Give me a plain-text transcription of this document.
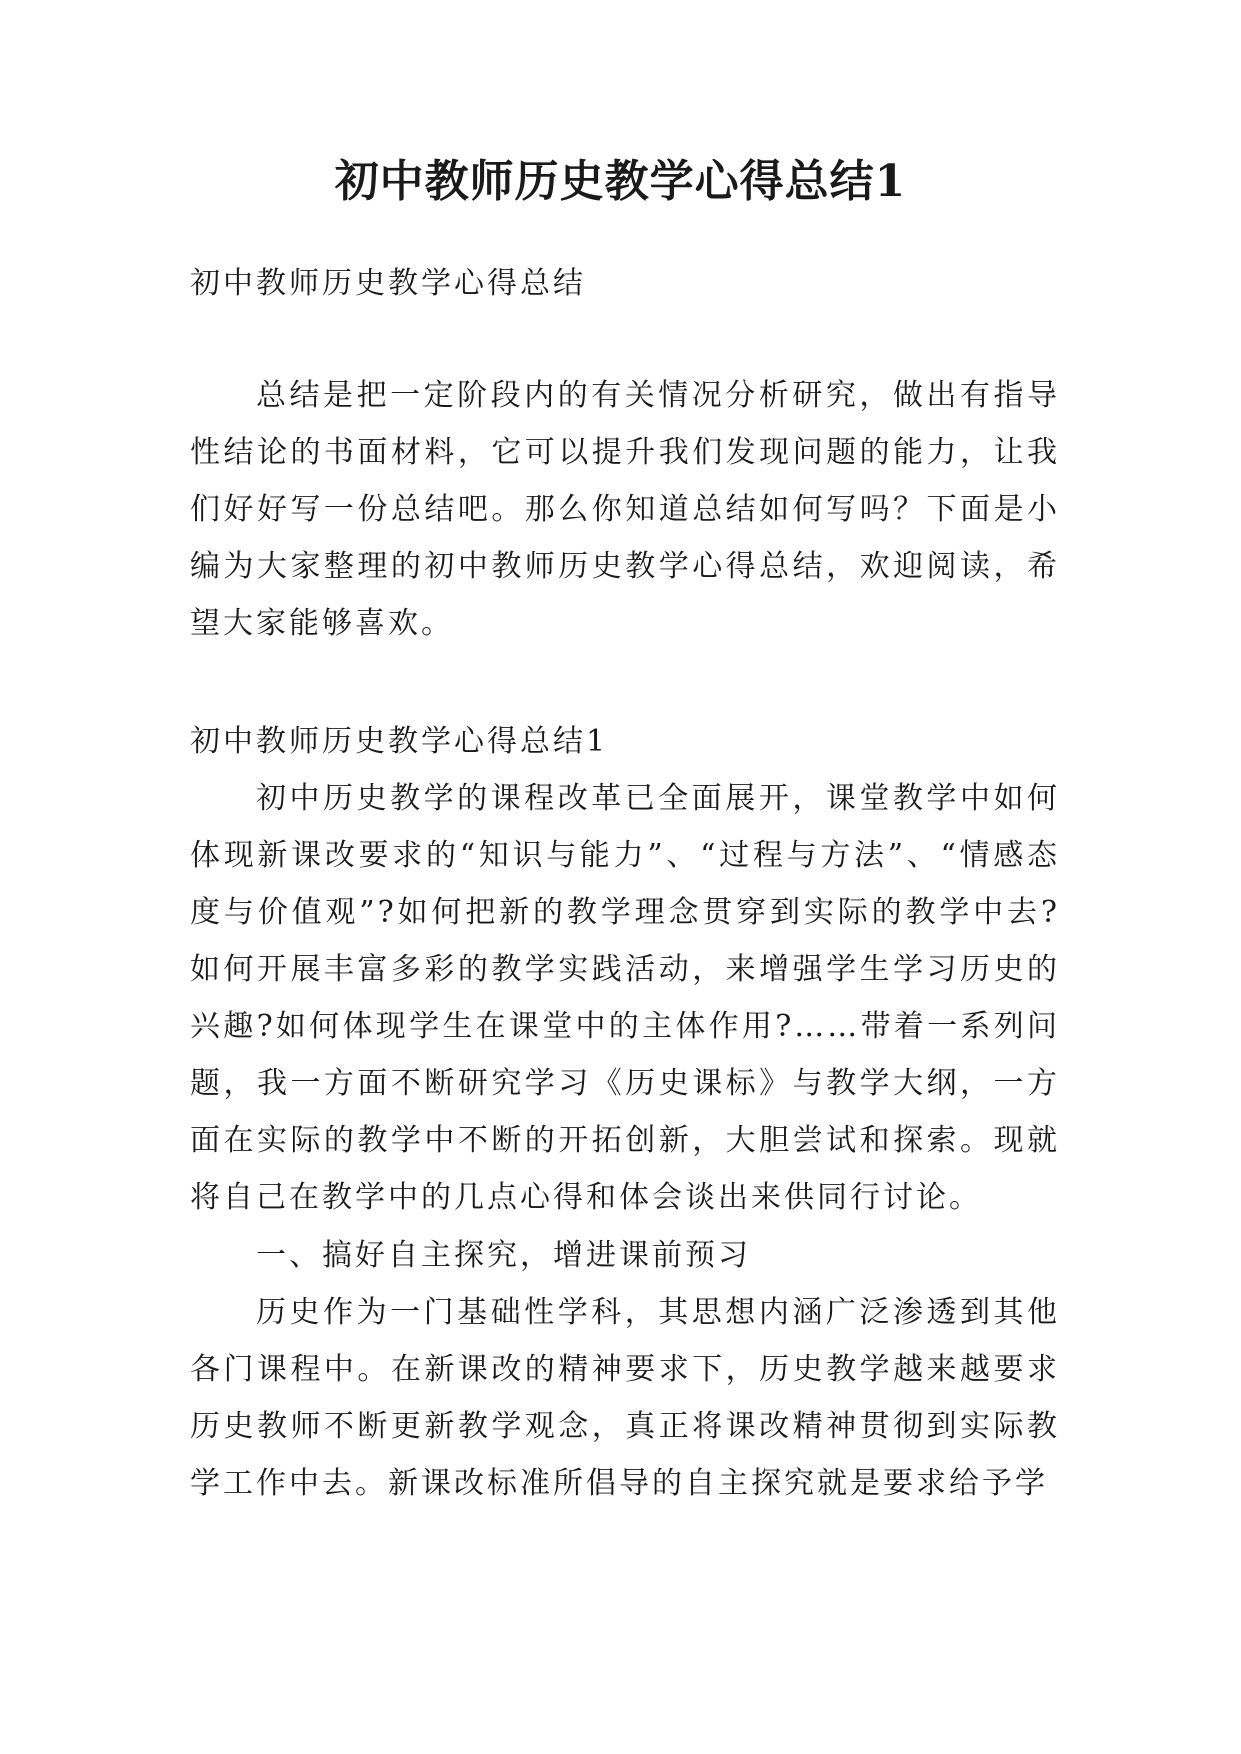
初中教师历史教学心得总结1

初中教师历史教学心得总结

总结是把一定阶段内的有关情况分析研究，做出有指导性结论的书面材料，它可以提升我们发现问题的能力，让我们好好写一份总结吧。那么你知道总结如何写吗？下面是小编为大家整理的初中教师历史教学心得总结，欢迎阅读，希望大家能够喜欢。

初中教师历史教学心得总结1

初中历史教学的课程改革已全面展开，课堂教学中如何体现新课改要求的“知识与能力”、“过程与方法”、“情感态度与价值观”?如何把新的教学理念贯穿到实际的教学中去?如何开展丰富多彩的教学实践活动，来增强学生学习历史的兴趣?如何体现学生在课堂中的主体作用?……带着一系列问题，我一方面不断研究学习《历史课标》与教学大纲，一方面在实际的教学中不断的开拓创新，大胆尝试和探索。现就将自己在教学中的几点心得和体会谈出来供同行讨论。

一、搞好自主探究，增进课前预习

历史作为一门基础性学科，其思想内涵广泛渗透到其他各门课程中。在新课改的精神要求下，历史教学越来越要求历史教师不断更新教学观念，真正将课改精神贯彻到实际教学工作中去。新课改标准所倡导的自主探究就是要求给予学
